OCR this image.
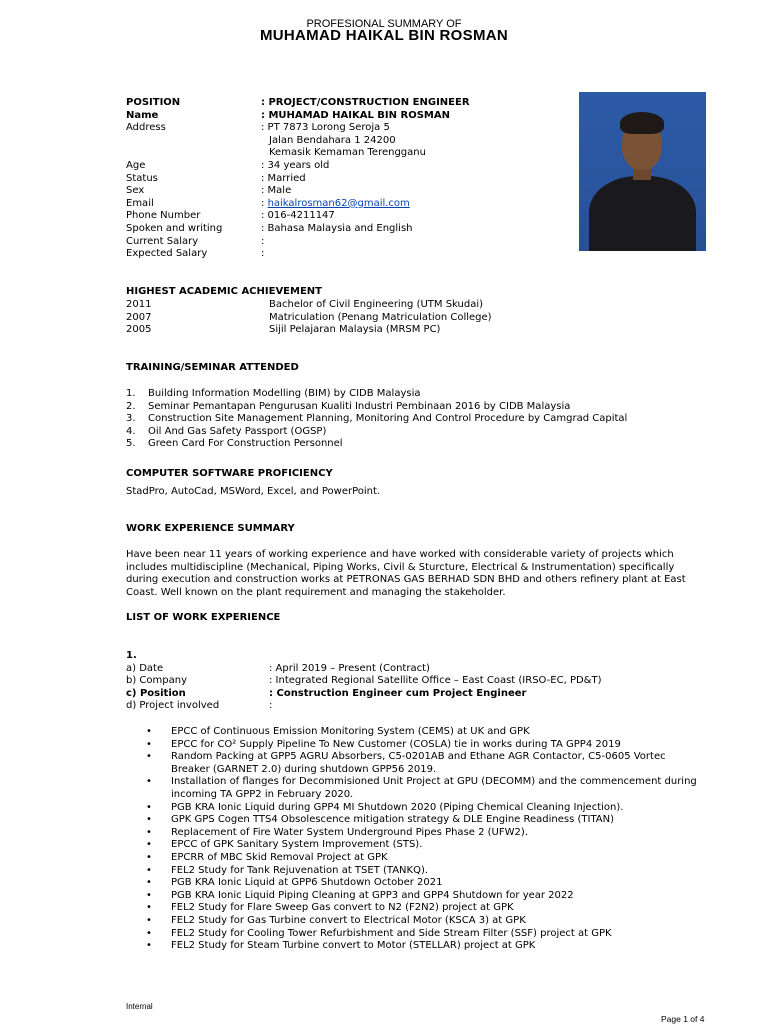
PROFESIONAL SUMMARY OF
MUHAMAD HAIKAL BIN ROSMAN
POSITION	: PROJECT/CONSTRUCTION ENGINEER
Name	: MUHAMAD HAIKAL BIN ROSMAN
Address	: PT 7873 Lorong Seroja 5
Jalan Bendahara 1 24200
Kemasik Kemaman Terengganu
Age	: 34 years old
Status	: Married
Sex	: Male
Email	: haikalrosman62@gmail.com
Phone Number	: 016-4211147
Spoken and writing	: Bahasa Malaysia and English
Current Salary	:
Expected Salary	:
HIGHEST ACADEMIC ACHIEVEMENT
2011	Bachelor of Civil Engineering (UTM Skudai)
2007	Matriculation (Penang Matriculation College)
2005	Sijil Pelajaran Malaysia (MRSM PC)
TRAINING/SEMINAR ATTENDED
1.	Building Information Modelling (BIM) by CIDB Malaysia
2.	Seminar Pemantapan Pengurusan Kualiti Industri Pembinaan 2016 by CIDB Malaysia
3.	Construction Site Management Planning, Monitoring And Control Procedure by Camgrad Capital
4.	Oil And Gas Safety Passport (OGSP)
5.	Green Card For Construction Personnel
COMPUTER SOFTWARE PROFICIENCY
StadPro, AutoCad, MSWord, Excel, and PowerPoint.
WORK EXPERIENCE SUMMARY
Have been near 11 years of working experience and have worked with considerable variety of projects which
includes multidiscipline (Mechanical, Piping Works, Civil & Sturcture, Electrical & Instrumentation) specifically
during execution and construction works at PETRONAS GAS BERHAD SDN BHD and others refinery plant at East
Coast. Well known on the plant requirement and managing the stakeholder.
LIST OF WORK EXPERIENCE
1.
a) Date	: April 2019 – Present (Contract)
b) Company	: Integrated Regional Satellite Office – East Coast (IRSO-EC, PD&T)
c) Position	: Construction Engineer cum Project Engineer
d) Project involved	:
•	EPCC of Continuous Emission Monitoring System (CEMS) at UK and GPK
•	EPCC for CO² Supply Pipeline To New Customer (COSLA) tie in works during TA GPP4 2019
•	Random Packing at GPP5 AGRU Absorbers, C5-0201AB and Ethane AGR Contactor, C5-0605 Vortec
Breaker (GARNET 2.0) during shutdown GPP56 2019.
•	Installation of flanges for Decommisioned Unit Project at GPU (DECOMM) and the commencement during
incoming TA GPP2 in February 2020.
•	PGB KRA Ionic Liquid during GPP4 MI Shutdown 2020 (Piping Chemical Cleaning Injection).
•	GPK GPS Cogen TTS4 Obsolescence mitigation strategy & DLE Engine Readiness (TITAN)
•	Replacement of Fire Water System Underground Pipes Phase 2 (UFW2).
•	EPCC of GPK Sanitary System Improvement (STS).
•	EPCRR of MBC Skid Removal Project at GPK
•	FEL2 Study for Tank Rejuvenation at TSET (TANKQ).
•	PGB KRA Ionic Liquid at GPP6 Shutdown October 2021
•	PGB KRA Ionic Liquid Piping Cleaning at GPP3 and GPP4 Shutdown for year 2022
•	FEL2 Study for Flare Sweep Gas convert to N2 (F2N2) project at GPK
•	FEL2 Study for Gas Turbine convert to Electrical Motor (KSCA 3) at GPK
•	FEL2 Study for Cooling Tower Refurbishment and Side Stream Filter (SSF) project at GPK
•	FEL2 Study for Steam Turbine convert to Motor (STELLAR) project at GPK
Internal
Page 1 of 4
